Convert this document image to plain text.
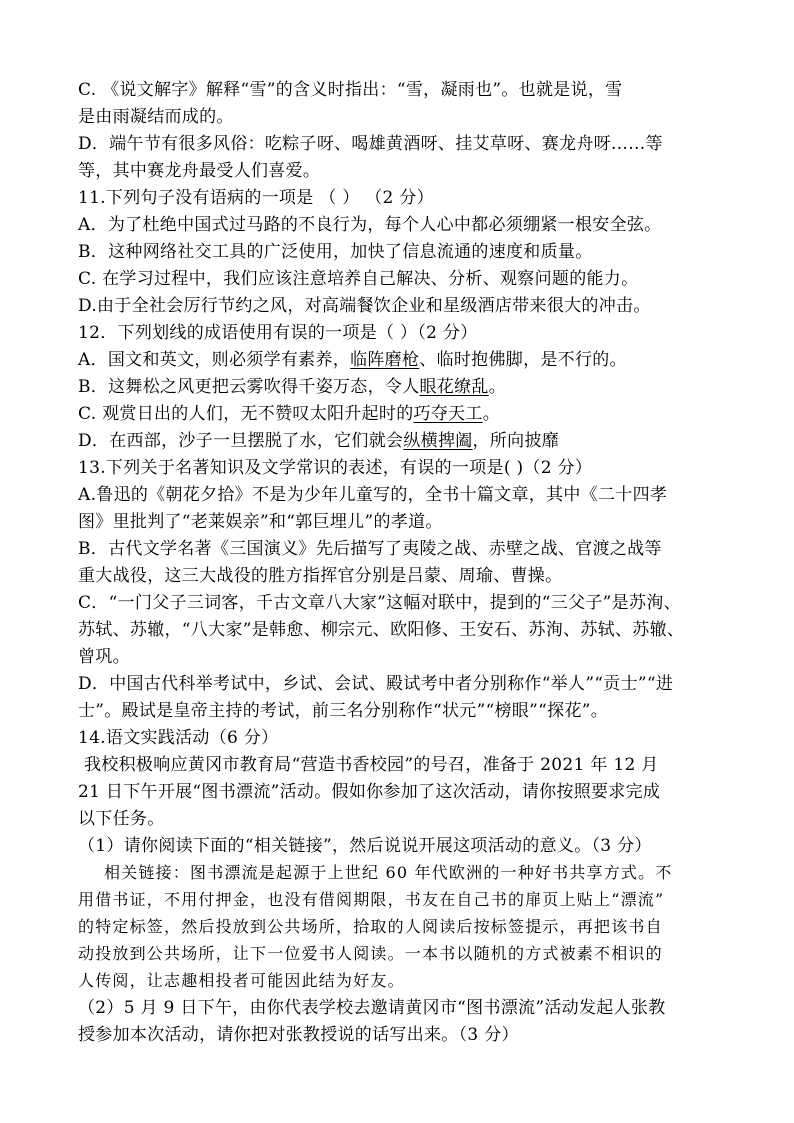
C. 《说文解字》解释“雪”的含义时指出：“雪，凝雨也”。也就是说，雪
是由雨凝结而成的。
D．端午节有很多风俗：吃粽子呀、喝雄黄酒呀、挂艾草呀、赛龙舟呀……等
等，其中赛龙舟最受人们喜爱。
11.下列句子没有语病的一项是 （ ） （2 分）
A．为了杜绝中国式过马路的不良行为，每个人心中都必须绷紧一根安全弦。
B．这种网络社交工具的广泛使用，加快了信息流通的速度和质量。
C. 在学习过程中，我们应该注意培养自己解决、分析、观察问题的能力。
D.由于全社会厉行节约之风，对高端餐饮企业和星级酒店带来很大的冲击。
12．下列划线的成语使用有误的一项是（ ）（2 分）
A．国文和英文，则必须学有素养，临阵磨枪、临时抱佛脚，是不行的。
B．这舞松之风更把云雾吹得千姿万态，令人眼花缭乱。
C. 观赏日出的人们，无不赞叹太阳升起时的巧夺天工。
D．在西部，沙子一旦摆脱了水，它们就会纵横捭阖，所向披靡
13.下列关于名著知识及文学常识的表述，有误的一项是( )（2 分）
A.鲁迅的《朝花夕拾》不是为少年儿童写的，全书十篇文章，其中《二十四孝
图》里批判了“老莱娱亲”和“郭巨埋儿”的孝道。
B．古代文学名著《三国演义》先后描写了夷陵之战、赤壁之战、官渡之战等
重大战役，这三大战役的胜方指挥官分别是吕蒙、周瑜、曹操。
C．“一门父子三词客，千古文章八大家”这幅对联中，提到的“三父子”是苏洵、
苏轼、苏辙，“八大家”是韩愈、柳宗元、欧阳修、王安石、苏洵、苏轼、苏辙、
曾巩。
D．中国古代科举考试中，乡试、会试、殿试考中者分别称作“举人”“贡士”“进
士”。殿试是皇帝主持的考试，前三名分别称作“状元”“榜眼”“探花”。
14.语文实践活动（6 分）
我校积极响应黄冈市教育局“营造书香校园”的号召，准备于 2021 年 12 月
21 日下午开展“图书漂流”活动。假如你参加了这次活动，请你按照要求完成
以下任务。
（1）请你阅读下面的“相关链接”，然后说说开展这项活动的意义。（3 分）
相关链接：图书漂流是起源于上世纪 60 年代欧洲的一种好书共享方式。不
用借书证，不用付押金，也没有借阅期限，书友在自己书的扉页上贴上“漂流”
的特定标签，然后投放到公共场所，拾取的人阅读后按标签提示，再把该书自
动投放到公共场所，让下一位爱书人阅读。一本书以随机的方式被素不相识的
人传阅，让志趣相投者可能因此结为好友。
（2）5 月 9 日下午，由你代表学校去邀请黄冈市“图书漂流”活动发起人张教
授参加本次活动，请你把对张教授说的话写出来。（3 分）
